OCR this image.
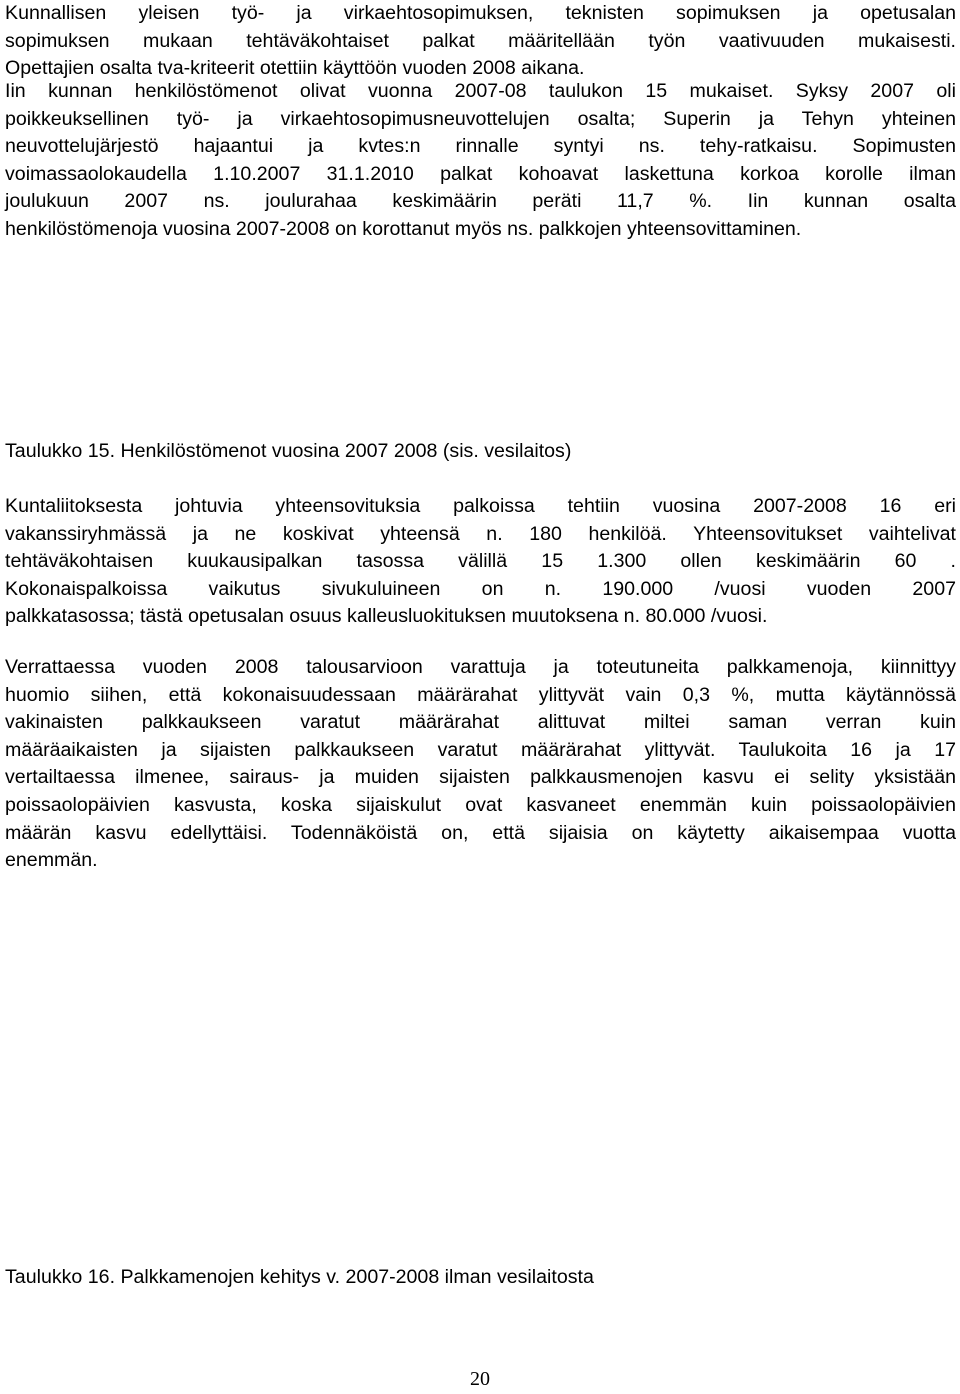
Kunnallisen yleisen työ- ja virkaehtosopimuksen, teknisten sopimuksen ja opetusalan
sopimuksen mukaan tehtäväkohtaiset palkat määritellään työn vaativuuden mukaisesti.
Opettajien osalta tva-kriteerit otettiin käyttöön vuoden 2008 aikana.
Iin kunnan henkilöstömenot olivat vuonna 2007-08 taulukon 15 mukaiset. Syksy 2007 oli
poikkeuksellinen työ- ja virkaehtosopimusneuvottelujen osalta; Superin ja Tehyn yhteinen
neuvottelujärjestö hajaantui ja kvtes:n rinnalle syntyi ns. tehy-ratkaisu. Sopimusten
voimassaolokaudella 1.10.2007 31.1.2010 palkat kohoavat laskettuna korkoa korolle ilman
joulukuun 2007 ns. joulurahaa keskimäärin peräti 11,7 %. Iin kunnan osalta
henkilöstömenoja vuosina 2007-2008 on korottanut myös ns. palkkojen yhteensovittaminen.
Taulukko 15. Henkilöstömenot vuosina 2007 2008 (sis. vesilaitos)
Kuntaliitoksesta johtuvia yhteensovituksia palkoissa tehtiin vuosina 2007-2008 16 eri
vakanssiryhmässä ja ne koskivat yhteensä n. 180 henkilöä. Yhteensovitukset vaihtelivat
tehtäväkohtaisen kuukausipalkan tasossa välillä 15 1.300 ollen keskimäärin 60 .
Kokonaispalkoissa vaikutus sivukuluineen on n. 190.000 /vuosi vuoden 2007
palkkatasossa; tästä opetusalan osuus kalleusluokituksen muutoksena n. 80.000 /vuosi.
Verrattaessa vuoden 2008 talousarvioon varattuja ja toteutuneita palkkamenoja, kiinnittyy
huomio siihen, että kokonaisuudessaan määrärahat ylittyvät vain 0,3 %, mutta käytännössä
vakinaisten palkkaukseen varatut määrärahat alittuvat miltei saman verran kuin
määräaikaisten ja sijaisten palkkaukseen varatut määrärahat ylittyvät. Taulukoita 16 ja 17
vertailtaessa ilmenee, sairaus- ja muiden sijaisten palkkausmenojen kasvu ei selity yksistään
poissaolopäivien kasvusta, koska sijaiskulut ovat kasvaneet enemmän kuin poissaolopäivien
määrän kasvu edellyttäisi. Todennäköistä on, että sijaisia on käytetty aikaisempaa vuotta
enemmän.
Taulukko 16. Palkkamenojen kehitys v. 2007-2008 ilman vesilaitosta
20
